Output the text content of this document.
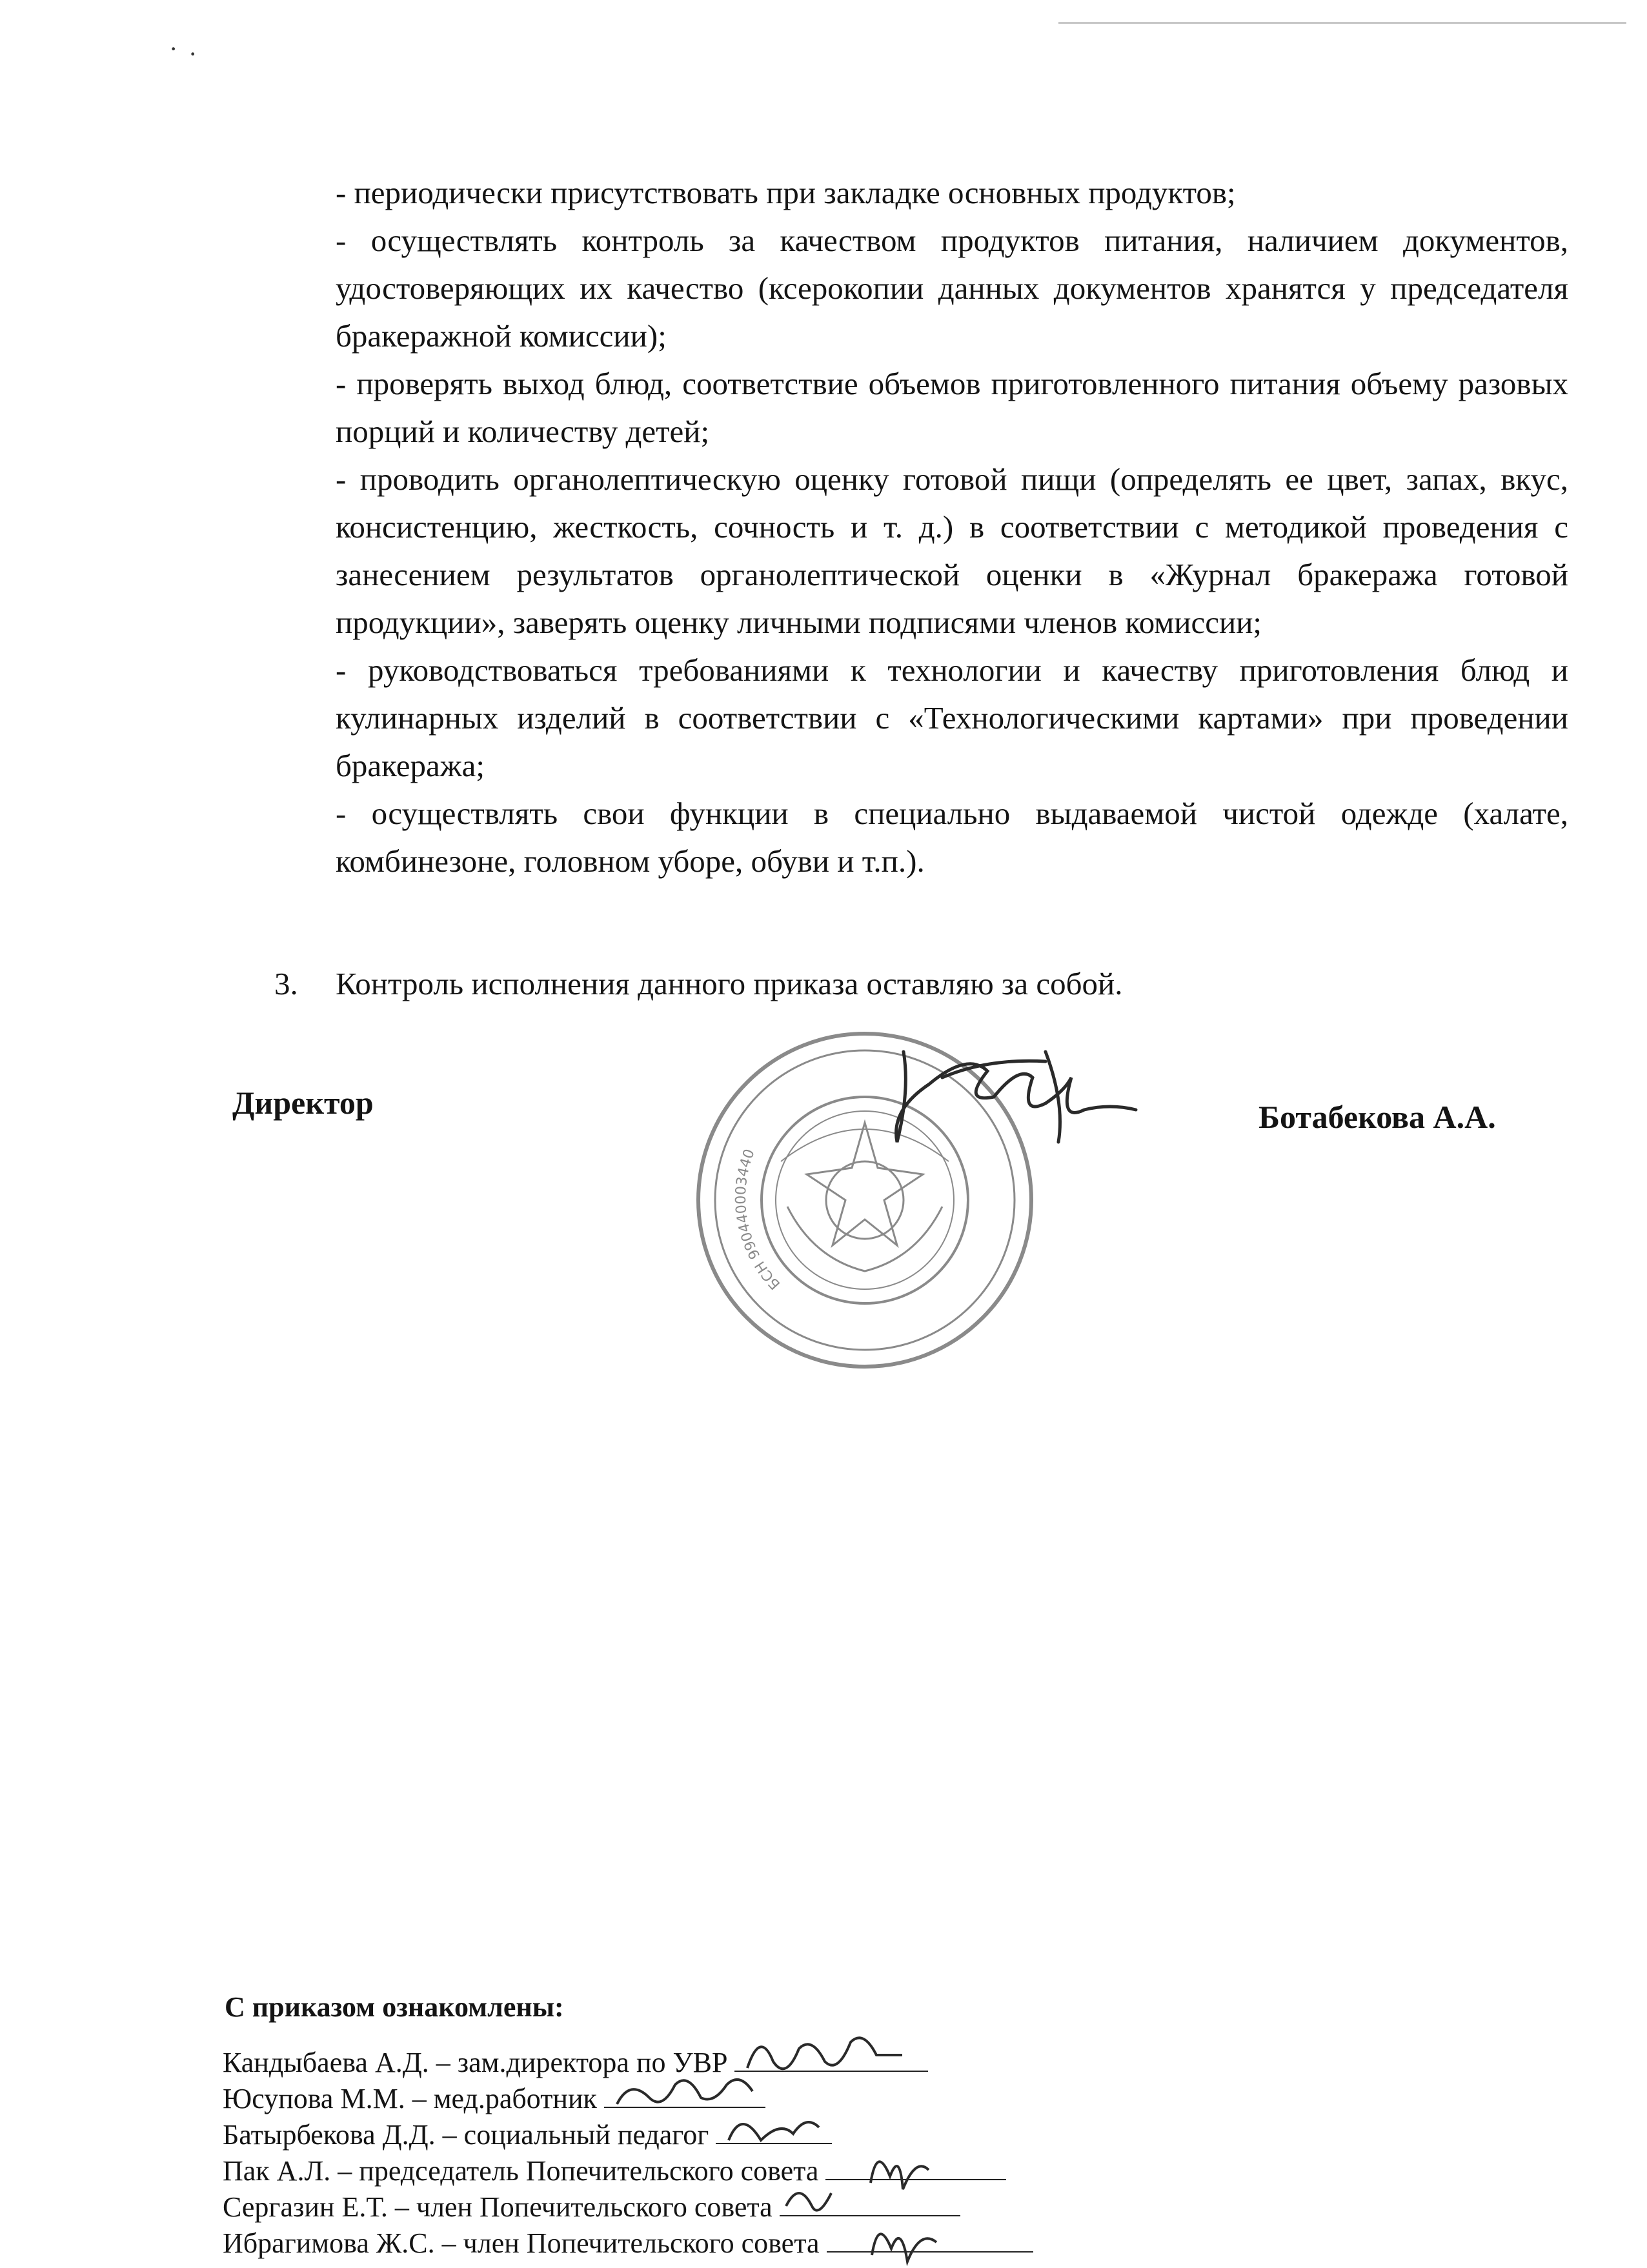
· ·

- периодически присутствовать при закладке основных продуктов;

- осуществлять контроль за качеством продуктов питания, наличием документов, удостоверяющих их качество (ксерокопии данных документов хранятся у председателя бракеражной комиссии);

- проверять выход блюд, соответствие объемов приготовленного питания объему разовых порций и количеству детей;

- проводить органолептическую оценку готовой пищи (определять ее цвет, запах, вкус, консистенцию, жесткость, сочность и т. д.) в соответствии с методикой проведения с занесением результатов органолептической оценки в «Журнал бракеража готовой продукции», заверять оценку личными подписями членов комиссии;

- руководствоваться требованиями к технологии и качеству приготовления блюд и кулинарных изделий в соответствии с «Технологическими картами» при проведении бракеража;

- осуществлять свои функции в специально выдаваемой чистой одежде (халате, комбинезоне, головном уборе, обуви и т.п.).

3. Контроль исполнения данного приказа оставляю за собой.
Директор	Ботабекова А.А.
БСН 990440003440
С приказом ознакомлены:
Кандыбаева А.Д. – зам.директора по УВР
Юсупова М.М. – мед.работник
Батырбекова Д.Д. – социальный педагог
Пак А.Л. – председатель Попечительского совета
Сергазин Е.Т. – член Попечительского совета
Ибрагимова Ж.С. – член Попечительского совета
